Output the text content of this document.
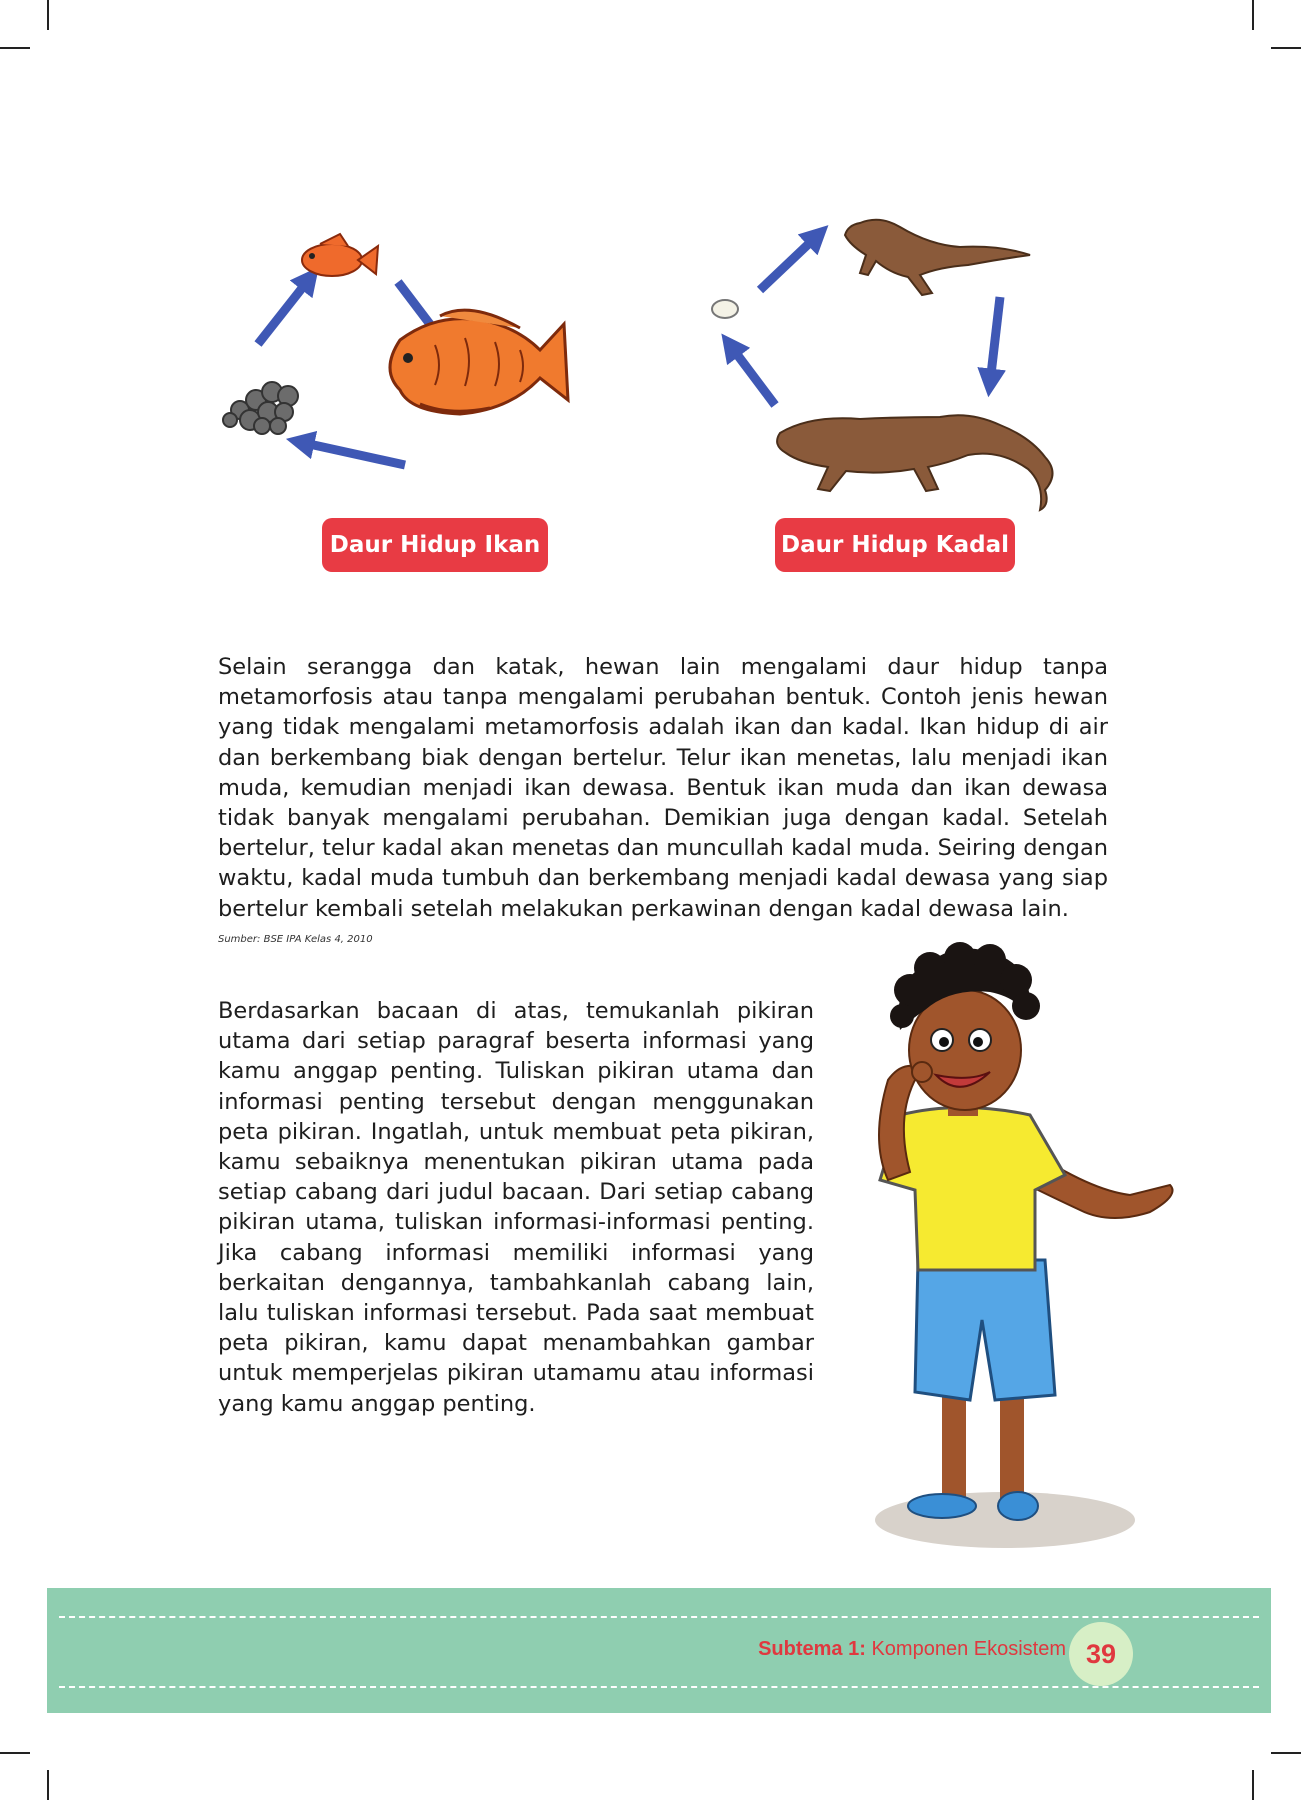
Daur Hidup Ikan	Daur Hidup Kadal

Selain serangga dan katak, hewan lain mengalami daur hidup tanpa metamorfosis atau tanpa mengalami perubahan bentuk. Contoh jenis hewan yang tidak mengalami metamorfosis adalah ikan dan kadal. Ikan hidup di air dan berkembang biak dengan bertelur. Telur ikan menetas, lalu menjadi ikan muda, kemudian menjadi ikan dewasa. Bentuk ikan muda dan ikan dewasa tidak banyak mengalami perubahan. Demikian juga dengan kadal. Setelah bertelur, telur kadal akan menetas dan muncullah kadal muda. Seiring dengan waktu, kadal muda tumbuh dan berkembang menjadi kadal dewasa yang siap bertelur kembali setelah melakukan perkawinan dengan kadal dewasa lain.

Sumber: BSE IPA Kelas 4, 2010

Berdasarkan bacaan di atas, temukanlah pikiran utama dari setiap paragraf beserta informasi yang kamu anggap penting. Tuliskan pikiran utama dan informasi penting tersebut dengan menggunakan peta pikiran. Ingatlah, untuk membuat peta pikiran, kamu sebaiknya menentukan pikiran utama pada setiap cabang dari judul bacaan. Dari setiap cabang pikiran utama, tuliskan informasi-informasi penting. Jika cabang informasi memiliki informasi yang berkaitan dengannya, tambahkanlah cabang lain, lalu tuliskan informasi tersebut. Pada saat membuat peta pikiran, kamu dapat menambahkan gambar untuk memperjelas pikiran utamamu atau informasi yang kamu anggap penting.

Subtema 1: Komponen Ekosistem 39
